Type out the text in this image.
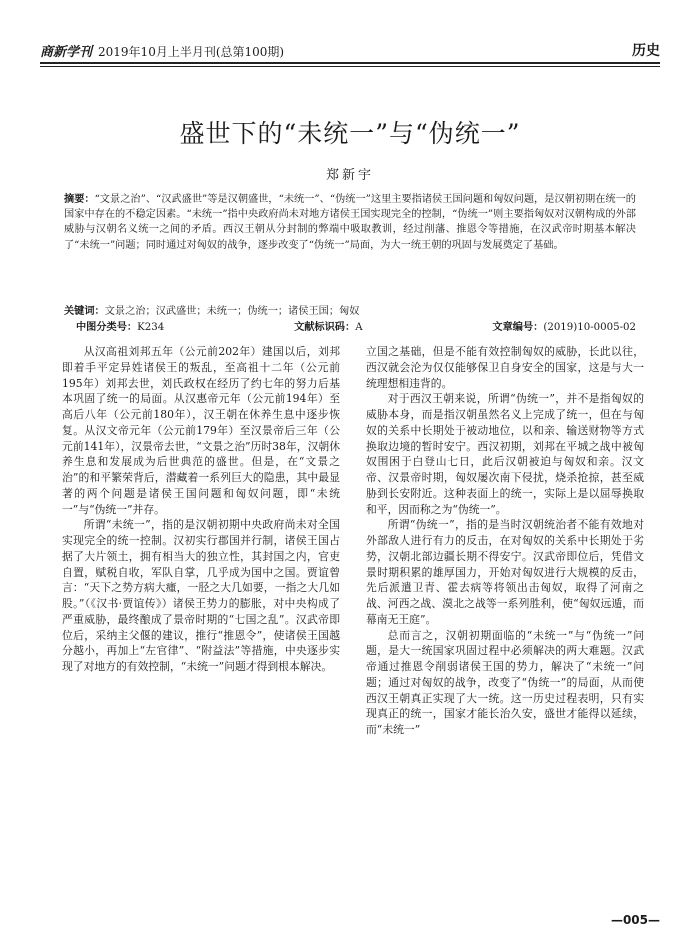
商新学刊 2019年10月上半月刊(总第100期)	历史
盛世下的“未统一”与“伪统一”
郑新宇
摘要：“文景之治”、“汉武盛世”等是汉朝盛世，“未统一”、“伪统一”这里主要指诸侯王国问题和匈奴问题，是汉朝初期在统一的国家中存在的不稳定因素。“未统一”指中央政府尚未对地方诸侯王国实现完全的控制，“伪统一”则主要指匈奴对汉朝构成的外部威胁与汉朝名义统一之间的矛盾。西汉王朝从分封制的弊端中吸取教训，经过削藩、推恩令等措施，在汉武帝时期基本解决了“未统一”问题；同时通过对匈奴的战争，逐步改变了“伪统一”局面，为大一统王朝的巩固与发展奠定了基础。
关键词：文景之治；汉武盛世；未统一；伪统一；诸侯王国；匈奴
中图分类号：K234	文献标识码：A	文章编号：(2019)10-0005-02

从汉高祖刘邦五年（公元前202年）建国以后，刘邦即着手平定异姓诸侯王的叛乱，至高祖十二年（公元前195年）刘邦去世，刘氏政权在经历了约七年的努力后基本巩固了统一的局面。从汉惠帝元年（公元前194年）至高后八年（公元前180年），汉王朝在休养生息中逐步恢复。从汉文帝元年（公元前179年）至汉景帝后三年（公元前141年），汉景帝去世，“文景之治”历时38年，汉朝休养生息和发展成为后世典范的盛世。但是，在“文景之治”的和平繁荣背后，潜藏着一系列巨大的隐患，其中最显著的两个问题是诸侯王国问题和匈奴问题，即“未统一”与“伪统一”并存。

所谓“未统一”，指的是汉朝初期中央政府尚未对全国实现完全的统一控制。汉初实行郡国并行制，诸侯王国占据了大片领土，拥有相当大的独立性，其封国之内，官吏自置，赋税自收，军队自掌，几乎成为国中之国。贾谊曾言：“天下之势方病大瘇，一胫之大几如要，一指之大几如股。”（《汉书·贾谊传》）诸侯王势力的膨胀，对中央构成了严重威胁，最终酿成了景帝时期的“七国之乱”。汉武帝即位后，采纳主父偃的建议，推行“推恩令”，使诸侯王国越分越小，再加上“左官律”、“附益法”等措施，中央逐步实现了对地方的有效控制，“未统一”问题才得到根本解决。

立国之基础，但是不能有效控制匈奴的威胁，长此以往，西汉就会沦为仅仅能够保卫自身安全的国家，这是与大一统理想相违背的。

对于西汉王朝来说，所谓“伪统一”，并不是指匈奴的威胁本身，而是指汉朝虽然名义上完成了统一，但在与匈奴的关系中长期处于被动地位，以和亲、输送财物等方式换取边境的暂时安宁。西汉初期，刘邦在平城之战中被匈奴围困于白登山七日，此后汉朝被迫与匈奴和亲。汉文帝、汉景帝时期，匈奴屡次南下侵扰，烧杀抢掠，甚至威胁到长安附近。这种表面上的统一，实际上是以屈辱换取和平，因而称之为“伪统一”。

所谓“伪统一”，指的是当时汉朝统治者不能有效地对外部敌人进行有力的反击，在对匈奴的关系中长期处于劣势，汉朝北部边疆长期不得安宁。汉武帝即位后，凭借文景时期积累的雄厚国力，开始对匈奴进行大规模的反击，先后派遣卫青、霍去病等将领出击匈奴，取得了河南之战、河西之战、漠北之战等一系列胜利，使“匈奴远遁，而幕南无王庭”。

总而言之，汉朝初期面临的“未统一”与“伪统一”问题，是大一统国家巩固过程中必须解决的两大难题。汉武帝通过推恩令削弱诸侯王国的势力，解决了“未统一”问题；通过对匈奴的战争，改变了“伪统一”的局面，从而使西汉王朝真正实现了大一统。这一历史过程表明，只有实现真正的统一，国家才能长治久安，盛世才能得以延续，而“未统一”

—005—
